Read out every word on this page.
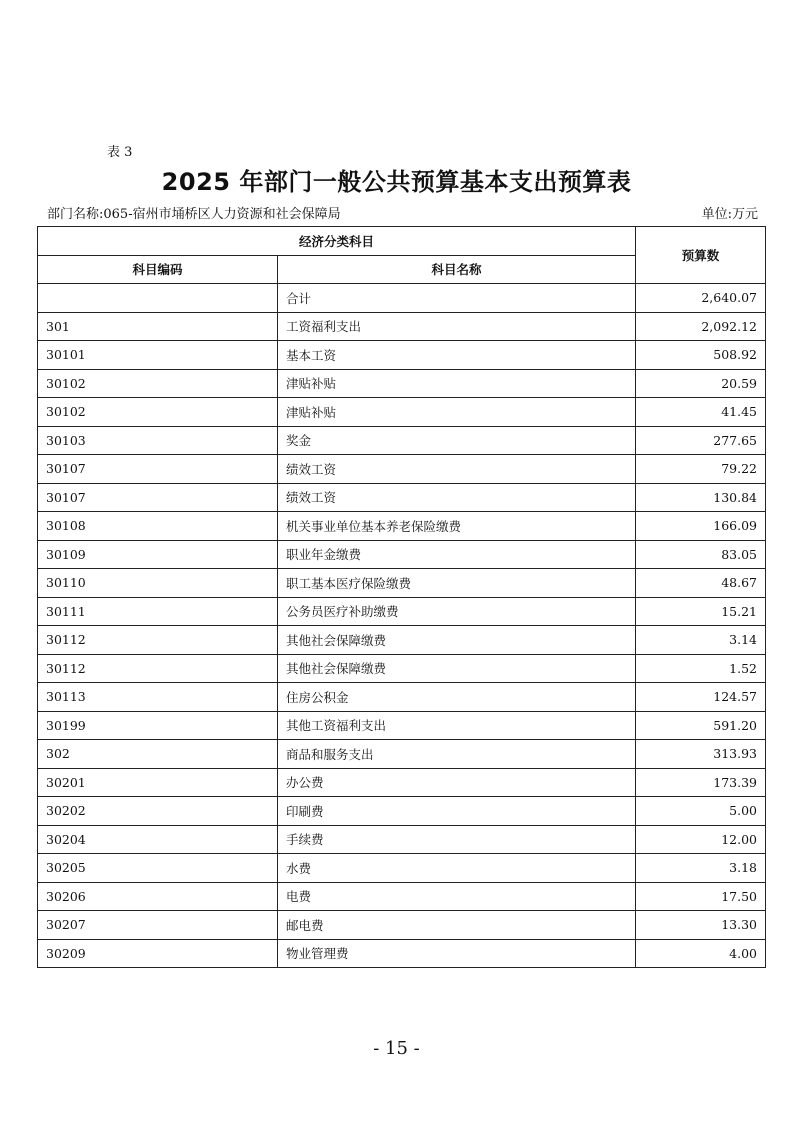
表 3
2025 年部门一般公共预算基本支出预算表
部门名称:065-宿州市埇桥区人力资源和社会保障局	单位:万元
经济分类科目		预算数
科目编码	科目名称	
	合计	2,640.07
301	工资福利支出	2,092.12
30101	基本工资	508.92
30102	津贴补贴	20.59
30102	津贴补贴	41.45
30103	奖金	277.65
30107	绩效工资	79.22
30107	绩效工资	130.84
30108	机关事业单位基本养老保险缴费	166.09
30109	职业年金缴费	83.05
30110	职工基本医疗保险缴费	48.67
30111	公务员医疗补助缴费	15.21
30112	其他社会保障缴费	3.14
30112	其他社会保障缴费	1.52
30113	住房公积金	124.57
30199	其他工资福利支出	591.20
302	商品和服务支出	313.93
30201	办公费	173.39
30202	印刷费	5.00
30204	手续费	12.00
30205	水费	3.18
30206	电费	17.50
30207	邮电费	13.30
30209	物业管理费	4.00
- 15 -
